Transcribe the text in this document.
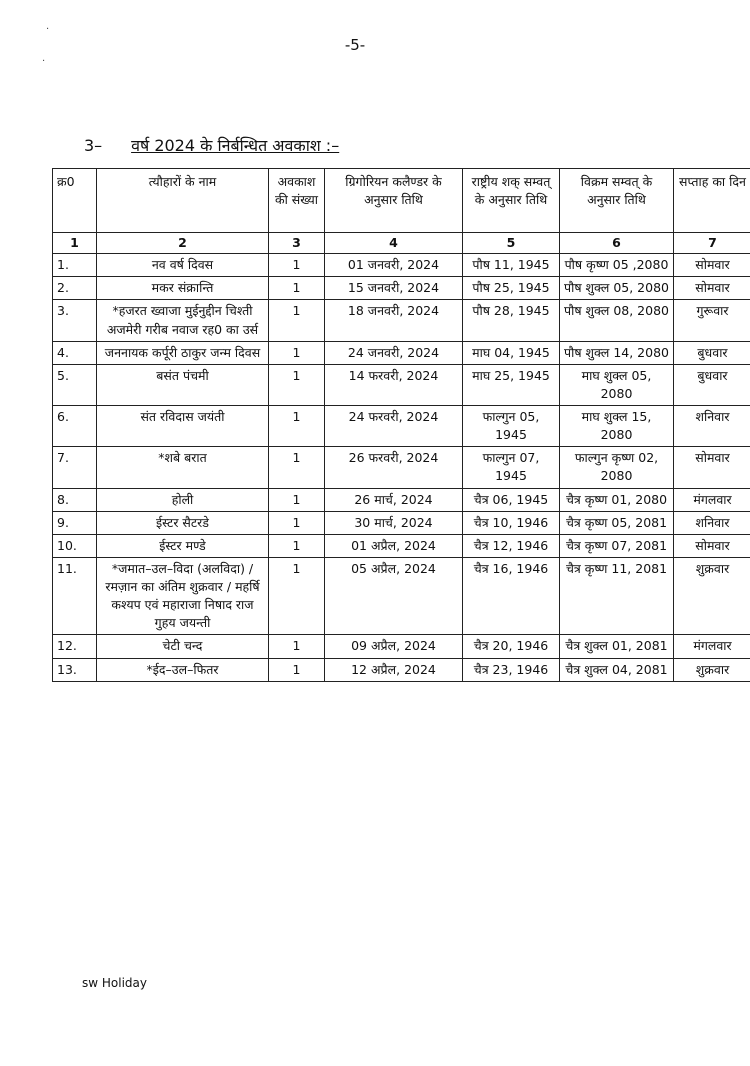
·
·
-5-
3– वर्ष 2024 के निर्बन्धित अवकाश :–
क्र0	त्यौहारों के नाम	अवकाश की संख्या	ग्रिगोरियन कलैण्डर के अनुसार तिथि	राष्ट्रीय शक् सम्वत् के अनुसार तिथि	विक्रम सम्वत् के अनुसार तिथि	सप्ताह का दिन
1	2	3	4	5	6	7
1.	नव वर्ष दिवस	1	01 जनवरी, 2024	पौष 11, 1945	पौष कृष्ण 05 ,2080	सोमवार
2.	मकर संक्रान्ति	1	15 जनवरी, 2024	पौष 25, 1945	पौष शुक्ल 05, 2080	सोमवार
3.	*हजरत ख्वाजा मुईनुद्दीन चिश्ती अजमेरी गरीब नवाज रह0 का उर्स	1	18 जनवरी, 2024	पौष 28, 1945	पौष शुक्ल 08, 2080	गुरूवार
4.	जननायक कर्पूरी ठाकुर जन्म दिवस	1	24 जनवरी, 2024	माघ 04, 1945	पौष शुक्ल 14, 2080	बुधवार
5.	बसंत पंचमी	1	14 फरवरी, 2024	माघ 25, 1945	माघ शुक्ल 05, 2080	बुधवार
6.	संत रविदास जयंती	1	24 फरवरी, 2024	फाल्गुन 05, 1945	माघ शुक्ल 15, 2080	शनिवार
7.	*शबे बरात	1	26 फरवरी, 2024	फाल्गुन 07, 1945	फाल्गुन कृष्ण 02, 2080	सोमवार
8.	होली	1	26 मार्च, 2024	चैत्र 06, 1945	चैत्र कृष्ण 01, 2080	मंगलवार
9.	ईस्टर सैटरडे	1	30 मार्च, 2024	चैत्र 10, 1946	चैत्र कृष्ण 05, 2081	शनिवार
10.	ईस्टर मण्डे	1	01 अप्रैल, 2024	चैत्र 12, 1946	चैत्र कृष्ण 07, 2081	सोमवार
11.	*जमात–उल–विदा (अलविदा) / रमज़ान का अंतिम शुक्रवार / महर्षि कश्यप एवं महाराजा निषाद राज गुहय जयन्ती	1	05 अप्रैल, 2024	चैत्र 16, 1946	चैत्र कृष्ण 11, 2081	शुक्रवार
12.	चेटी चन्द	1	09 अप्रैल, 2024	चैत्र 20, 1946	चैत्र शुक्ल 01, 2081	मंगलवार
13.	*ईद–उल–फितर	1	12 अप्रैल, 2024	चैत्र 23, 1946	चैत्र शुक्ल 04, 2081	शुक्रवार
sw Holiday
